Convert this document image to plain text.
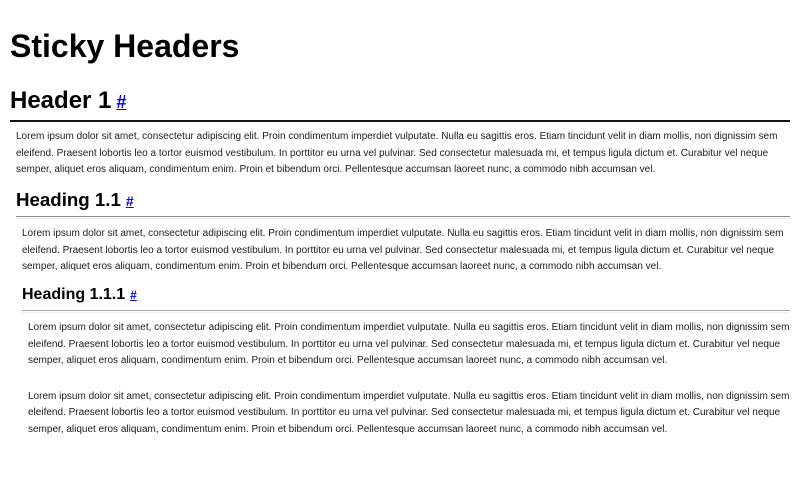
Sticky Headers
Header 1 #

Lorem ipsum dolor sit amet, consectetur adipiscing elit. Proin condimentum imperdiet vulputate. Nulla eu sagittis eros. Etiam tincidunt velit in diam mollis, non dignissim sem eleifend. Praesent lobortis leo a tortor euismod vestibulum. In porttitor eu urna vel pulvinar. Sed consectetur malesuada mi, et tempus ligula dictum et. Curabitur vel neque semper, aliquet eros aliquam, condimentum enim. Proin et bibendum orci. Pellentesque accumsan laoreet nunc, a commodo nibh accumsan vel.

Heading 1.1 #

Lorem ipsum dolor sit amet, consectetur adipiscing elit. Proin condimentum imperdiet vulputate. Nulla eu sagittis eros. Etiam tincidunt velit in diam mollis, non dignissim sem eleifend. Praesent lobortis leo a tortor euismod vestibulum. In porttitor eu urna vel pulvinar. Sed consectetur malesuada mi, et tempus ligula dictum et. Curabitur vel neque semper, aliquet eros aliquam, condimentum enim. Proin et bibendum orci. Pellentesque accumsan laoreet nunc, a commodo nibh accumsan vel.

Heading 1.1.1 #

Lorem ipsum dolor sit amet, consectetur adipiscing elit. Proin condimentum imperdiet vulputate. Nulla eu sagittis eros. Etiam tincidunt velit in diam mollis, non dignissim sem eleifend. Praesent lobortis leo a tortor euismod vestibulum. In porttitor eu urna vel pulvinar. Sed consectetur malesuada mi, et tempus ligula dictum et. Curabitur vel neque semper, aliquet eros aliquam, condimentum enim. Proin et bibendum orci. Pellentesque accumsan laoreet nunc, a commodo nibh accumsan vel.

Lorem ipsum dolor sit amet, consectetur adipiscing elit. Proin condimentum imperdiet vulputate. Nulla eu sagittis eros. Etiam tincidunt velit in diam mollis, non dignissim sem eleifend. Praesent lobortis leo a tortor euismod vestibulum. In porttitor eu urna vel pulvinar. Sed consectetur malesuada mi, et tempus ligula dictum et. Curabitur vel neque semper, aliquet eros aliquam, condimentum enim. Proin et bibendum orci. Pellentesque accumsan laoreet nunc, a commodo nibh accumsan vel.
